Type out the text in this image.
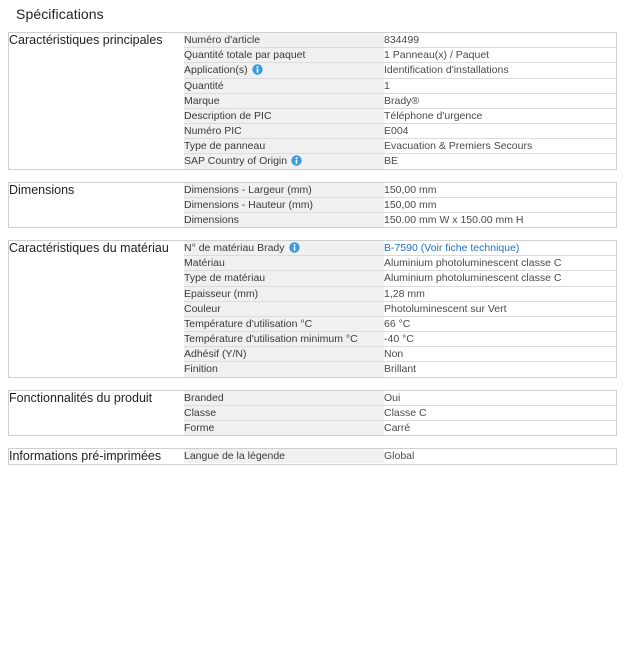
Spécifications
Caractéristiques principales	Numéro d'article	834499
Quantité totale par paquet	1 Panneau(x) / Paquet
Application(s)	Identification d'installations
Quantité	1
Marque	Brady®
Description de PIC	Téléphone d'urgence
Numéro PIC	E004
Type de panneau	Evacuation & Premiers Secours
SAP Country of Origin	BE
Dimensions		Dimensions - Largeur (mm)	150,00 mm
Dimensions - Hauteur (mm)	150,00 mm
Dimensions	150.00 mm W x 150.00 mm H
Caractéristiques du matériau	N° de matériau Brady	B-7590 (Voir fiche technique)
Matériau	Aluminium photoluminescent classe C
Type de matériau	Aluminium photoluminescent classe C
Epaisseur (mm)	1,28 mm
Couleur	Photoluminescent sur Vert
Température d'utilisation °C	66 °C
Température d'utilisation minimum °C	-40 °C
Adhésif (Y/N)	Non
Finition	Brillant
Fonctionnalités du produit		Branded	Oui
Classe	Classe C
Forme	Carré
Informations pré-imprimées	Langue de la légende	Global
